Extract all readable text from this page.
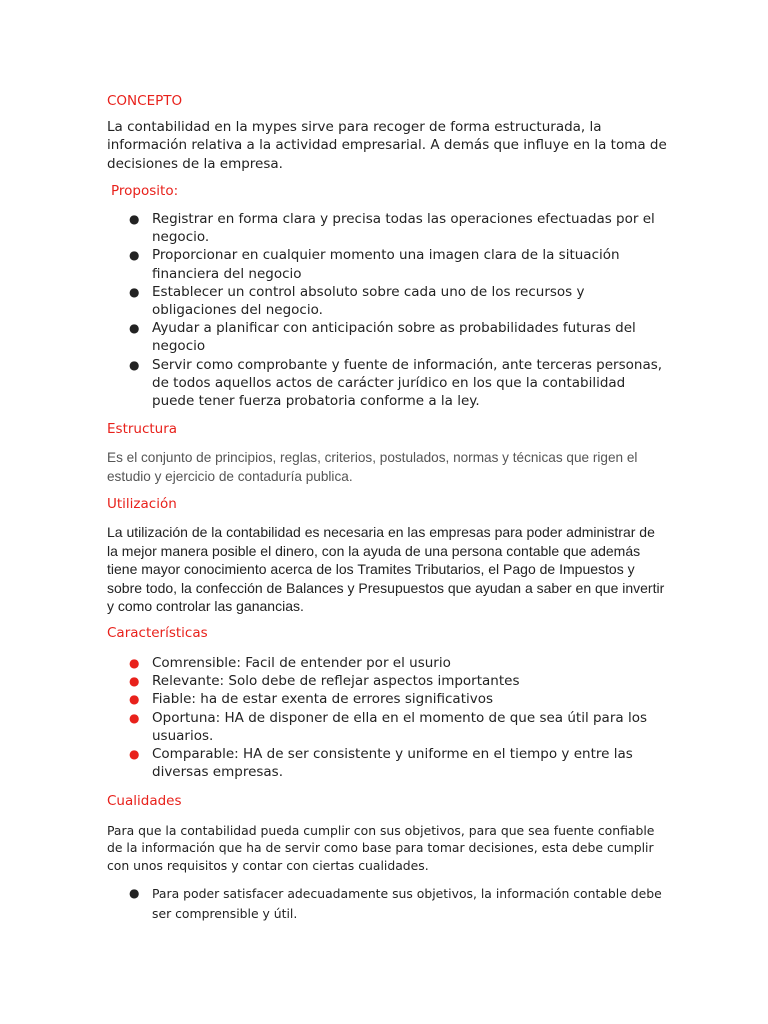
CONCEPTO

La contabilidad en la mypes sirve para recoger de forma estructurada, la información relativa a la actividad empresarial. A demás que influye en la toma de decisiones de la empresa.

Proposito:
● Registrar en forma clara y precisa todas las operaciones efectuadas por el negocio.
● Proporcionar en cualquier momento una imagen clara de la situación financiera del negocio
● Establecer un control absoluto sobre cada uno de los recursos y obligaciones del negocio.
● Ayudar a planificar con anticipación sobre as probabilidades futuras del negocio
● Servir como comprobante y fuente de información, ante terceras personas, de todos aquellos actos de carácter jurídico en los que la contabilidad puede tener fuerza probatoria conforme a la ley.
Estructura

Es el conjunto de principios, reglas, criterios, postulados, normas y técnicas que rigen el estudio y ejercicio de contaduría publica.

Utilización

La utilización de la contabilidad es necesaria en las empresas para poder administrar de la mejor manera posible el dinero, con la ayuda de una persona contable que además tiene mayor conocimiento acerca de los Tramites Tributarios, el Pago de Impuestos y sobre todo, la confección de Balances y Presupuestos que ayudan a saber en que invertir y como controlar las ganancias.

Características
● Comrensible: Facil de entender por el usurio
● Relevante: Solo debe de reflejar aspectos importantes
● Fiable: ha de estar exenta de errores significativos
● Oportuna: HA de disponer de ella en el momento de que sea útil para los usuarios.
● Comparable: HA de ser consistente y uniforme en el tiempo y entre las diversas empresas.
Cualidades

Para que la contabilidad pueda cumplir con sus objetivos, para que sea fuente confiable de la información que ha de servir como base para tomar decisiones, esta debe cumplir con unos requisitos y contar con ciertas cualidades.

● Para poder satisfacer adecuadamente sus objetivos, la información contable debe ser comprensible y útil.
